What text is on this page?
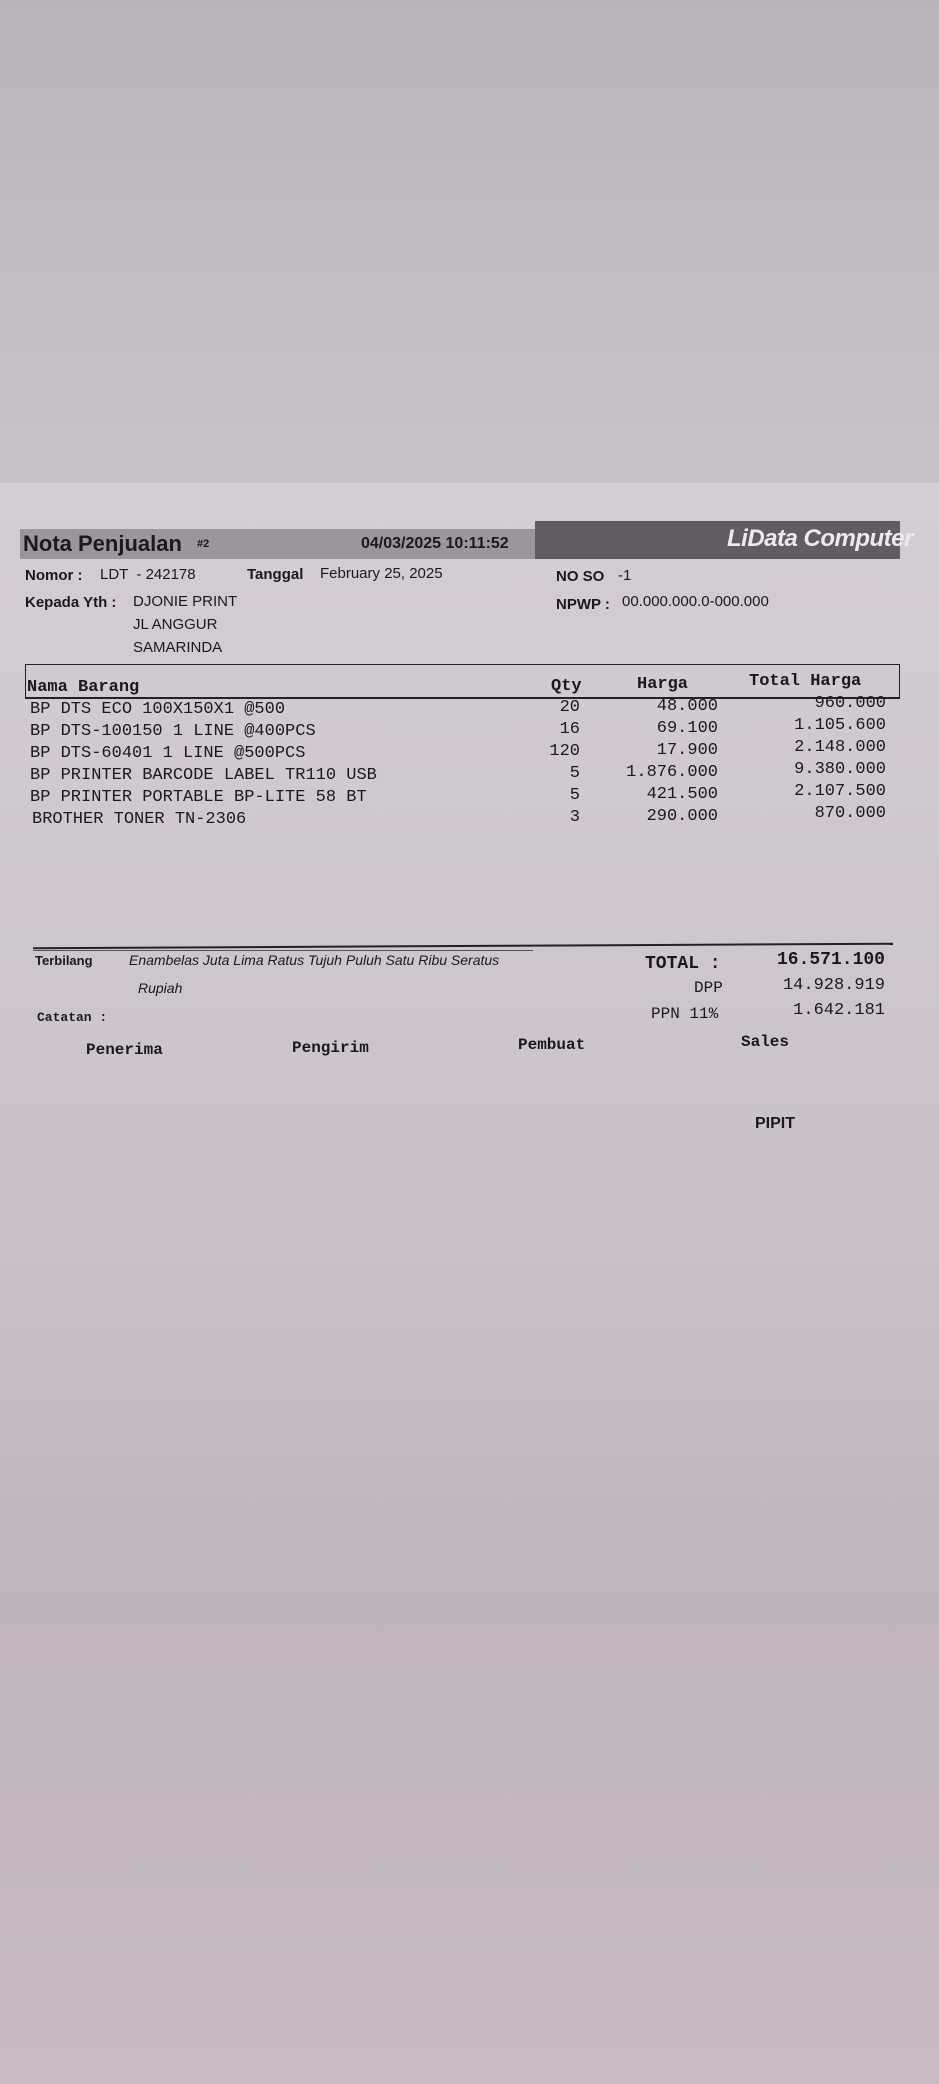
Nota Penjualan #2	04/03/2025 10:11:52	LiData Computer
Nomor : LDT  - 242178	Tanggal February 25, 2025	NO SO -1
Kepada Yth : DJONIE PRINT
JL ANGGUR
SAMARINDA
NPWP : 00.000.000.0-000.000
Nama Barang	Qty	Harga	Total Harga
BP DTS ECO 100X150X1 @500	20	48.000	960.000
BP DTS-100150 1 LINE @400PCS	16	69.100	1.105.600
BP DTS-60401 1 LINE @500PCS	120	17.900	2.148.000
BP PRINTER BARCODE LABEL TR110 USB	5	1.876.000	9.380.000
BP PRINTER PORTABLE BP-LITE 58 BT	5	421.500	2.107.500
BROTHER TONER TN-2306	3	290.000	870.000
Terbilang	Enambelas Juta Lima Ratus Tujuh Puluh Satu Ribu Seratus
Rupiah
TOTAL :	16.571.100
DPP	14.928.919
PPN 11%	1.642.181
Catatan :
Penerima	Pengirim	Pembuat	Sales
PIPIT
